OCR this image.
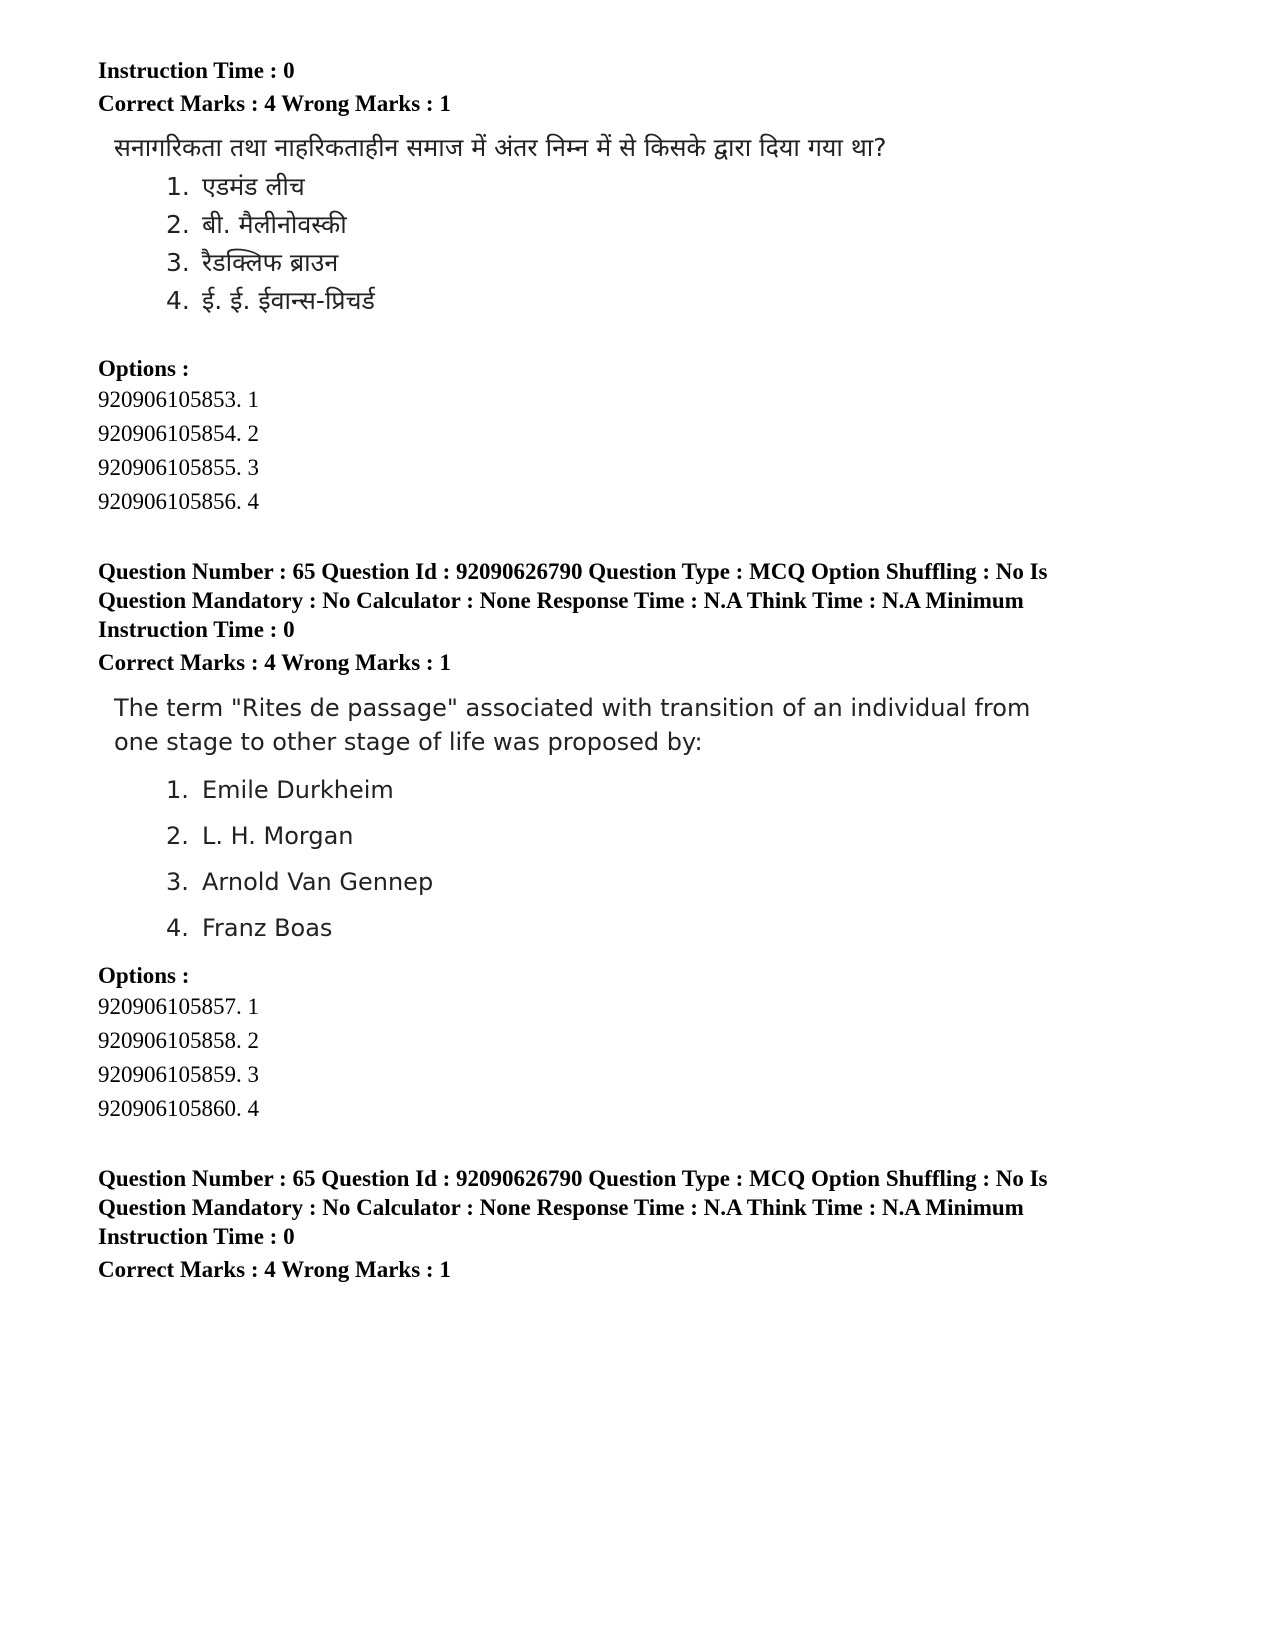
Instruction Time : 0
Correct Marks : 4 Wrong Marks : 1
सनागरिकता तथा नाहरिकताहीन समाज में अंतर निम्न में से किसके द्वारा दिया गया था?
1. एडमंड लीच
2. बी. मैलीनोवस्की
3. रैडक्लिफ ब्राउन
4. ई. ई. ईवान्स-प्रिचर्ड
Options :
920906105853. 1
920906105854. 2
920906105855. 3
920906105856. 4
Question Number : 65 Question Id : 92090626790 Question Type : MCQ Option Shuffling : No Is
Question Mandatory : No Calculator : None Response Time : N.A Think Time : N.A Minimum
Instruction Time : 0
Correct Marks : 4 Wrong Marks : 1
The term "Rites de passage" associated with transition of an individual from
one stage to other stage of life was proposed by:
1. Emile Durkheim
2. L. H. Morgan
3. Arnold Van Gennep
4. Franz Boas
Options :
920906105857. 1
920906105858. 2
920906105859. 3
920906105860. 4
Question Number : 65 Question Id : 92090626790 Question Type : MCQ Option Shuffling : No Is
Question Mandatory : No Calculator : None Response Time : N.A Think Time : N.A Minimum
Instruction Time : 0
Correct Marks : 4 Wrong Marks : 1
